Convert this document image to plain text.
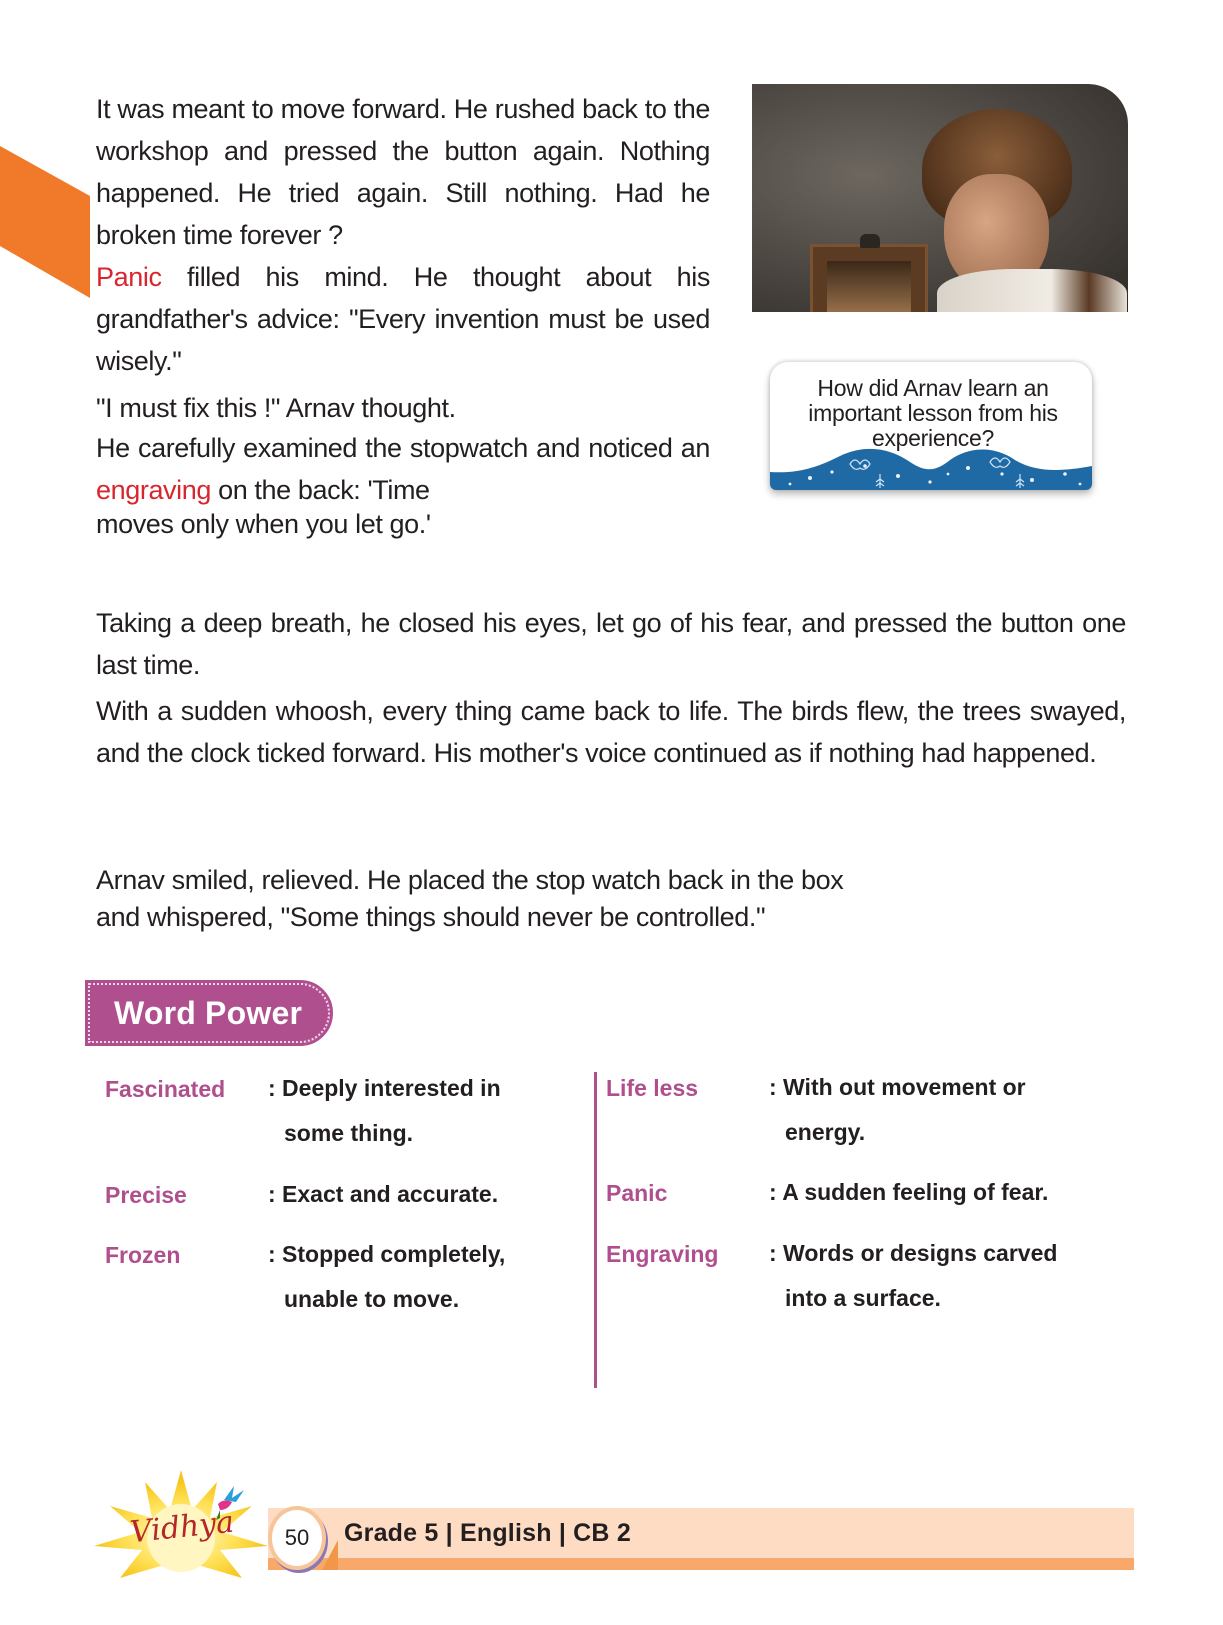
It was meant to move forward. He rushed back to the workshop and pressed the button again. Nothing happened. He tried again. Still nothing. Had he broken time forever ?

Panic filled his mind. He thought about his grandfather's advice: "Every invention must be used wisely."

"I must fix this !" Arnav thought.

He carefully examined the stopwatch and noticed an engraving on the back: 'Time

moves only when you let go.'

How did Arnav learn an important lesson from his experience?

Taking a deep breath, he closed his eyes, let go of his fear, and pressed the button one last time.

With a sudden whoosh, every thing came back to life. The birds flew, the trees swayed, and the clock ticked forward. His mother's voice continued as if nothing had happened.

Arnav smiled, relieved. He placed the stop watch back in the box

and whispered, "Some things should never be controlled."

Word Power
Fascinated : Deeply interested in
some thing.
Precise	: Exact and accurate.
Frozen	: Stopped completely,
unable to move.
Life less	: With out movement or
energy.
Panic	: A sudden feeling of fear.
Engraving : Words or designs carved
into a surface.
Grade 5 | English | CB 2
50
Vidhya
